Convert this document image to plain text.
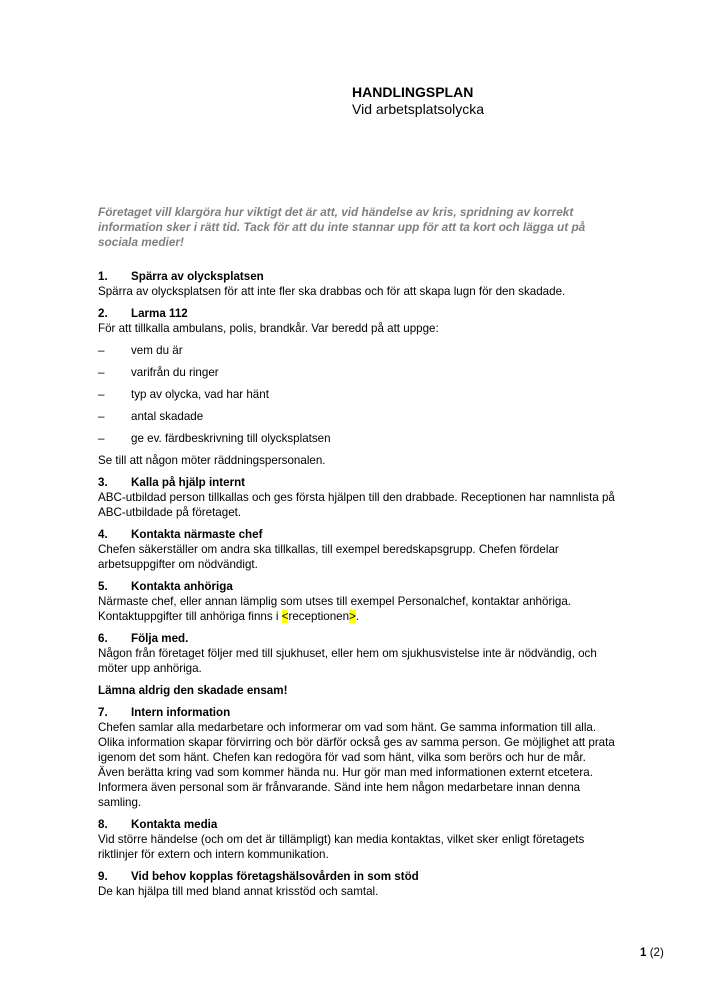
HANDLINGSPLAN
Vid arbetsplatsolycka
Företaget vill klargöra hur viktigt det är att, vid händelse av kris, spridning av korrekt information sker i rätt tid. Tack för att du inte stannar upp för att ta kort och lägga ut på sociala medier!
1.	Spärra av olycksplatsen
Spärra av olycksplatsen för att inte fler ska drabbas och för att skapa lugn för den skadade.
2.	Larma 112
För att tillkalla ambulans, polis, brandkår. Var beredd på att uppge:
–	vem du är
–	varifrån du ringer
–	typ av olycka, vad har hänt
–	antal skadade
–	ge ev. färdbeskrivning till olycksplatsen
Se till att någon möter räddningspersonalen.
3.	Kalla på hjälp internt
ABC-utbildad person tillkallas och ges första hjälpen till den drabbade. Receptionen har namnlista på ABC-utbildade på företaget.
4.	Kontakta närmaste chef
Chefen säkerställer om andra ska tillkallas, till exempel beredskapsgrupp. Chefen fördelar arbetsuppgifter om nödvändigt.
5.	Kontakta anhöriga
Närmaste chef, eller annan lämplig som utses till exempel Personalchef, kontaktar anhöriga. Kontaktuppgifter till anhöriga finns i <receptionen>.
6.	Följa med.
Någon från företaget följer med till sjukhuset, eller hem om sjukhusvistelse inte är nödvändig, och möter upp anhöriga.
Lämna aldrig den skadade ensam!
7.	Intern information
Chefen samlar alla medarbetare och informerar om vad som hänt. Ge samma information till alla. Olika information skapar förvirring och bör därför också ges av samma person. Ge möjlighet att prata igenom det som hänt. Chefen kan redogöra för vad som hänt, vilka som berörs och hur de mår. Även berätta kring vad som kommer hända nu. Hur gör man med informationen externt etcetera. Informera även personal som är frånvarande. Sänd inte hem någon medarbetare innan denna samling.
8.	Kontakta media
Vid större händelse (och om det är tillämpligt) kan media kontaktas, vilket sker enligt företagets riktlinjer för extern och intern kommunikation.
9.	Vid behov kopplas företagshälsovården in som stöd
De kan hjälpa till med bland annat krisstöd och samtal.
1 (2)
